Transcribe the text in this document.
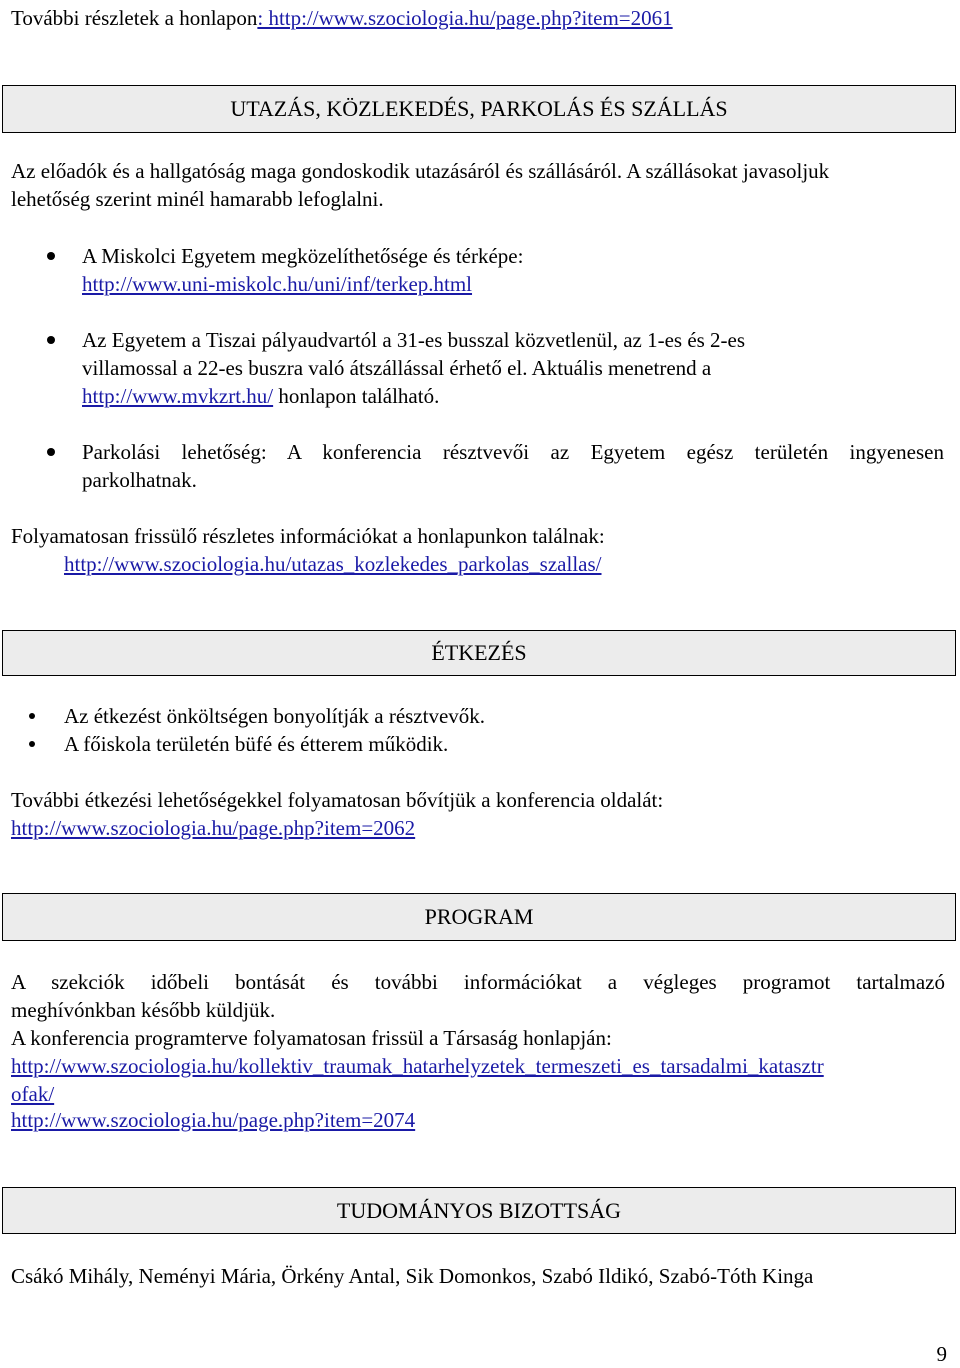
További részletek a honlapon: http://www.szociologia.hu/page.php?item=2061
UTAZÁS, KÖZLEKEDÉS, PARKOLÁS ÉS SZÁLLÁS
Az előadók és a hallgatóság maga gondoskodik utazásáról és szállásáról. A szállásokat javasoljuk
lehetőség szerint minél hamarabb lefoglalni.
A Miskolci Egyetem megközelíthetősége és térképe:
http://www.uni-miskolc.hu/uni/inf/terkep.html
Az Egyetem a Tiszai pályaudvartól a 31-es busszal közvetlenül, az 1-es és 2-es
villamossal a 22-es buszra való átszállással érhető el. Aktuális menetrend a
http://www.mvkzrt.hu/ honlapon található.
Parkolási lehetőség: A konferencia résztvevői az Egyetem egész területén ingyenesen
parkolhatnak.
Folyamatosan frissülő részletes információkat a honlapunkon találnak:
http://www.szociologia.hu/utazas_kozlekedes_parkolas_szallas/
ÉTKEZÉS
Az étkezést önköltségen bonyolítják a résztvevők.
A főiskola területén büfé és étterem működik.
További étkezési lehetőségekkel folyamatosan bővítjük a konferencia oldalát:
http://www.szociologia.hu/page.php?item=2062
PROGRAM
A szekciók időbeli bontását és további információkat a végleges programot tartalmazó
meghívónkban később küldjük.
A konferencia programterve folyamatosan frissül a Társaság honlapján:
http://www.szociologia.hu/kollektiv_traumak_hatarhelyzetek_termeszeti_es_tarsadalmi_katasztr
ofak/
http://www.szociologia.hu/page.php?item=2074
TUDOMÁNYOS BIZOTTSÁG
Csákó Mihály, Neményi Mária, Örkény Antal, Sik Domonkos, Szabó Ildikó, Szabó-Tóth Kinga
9
